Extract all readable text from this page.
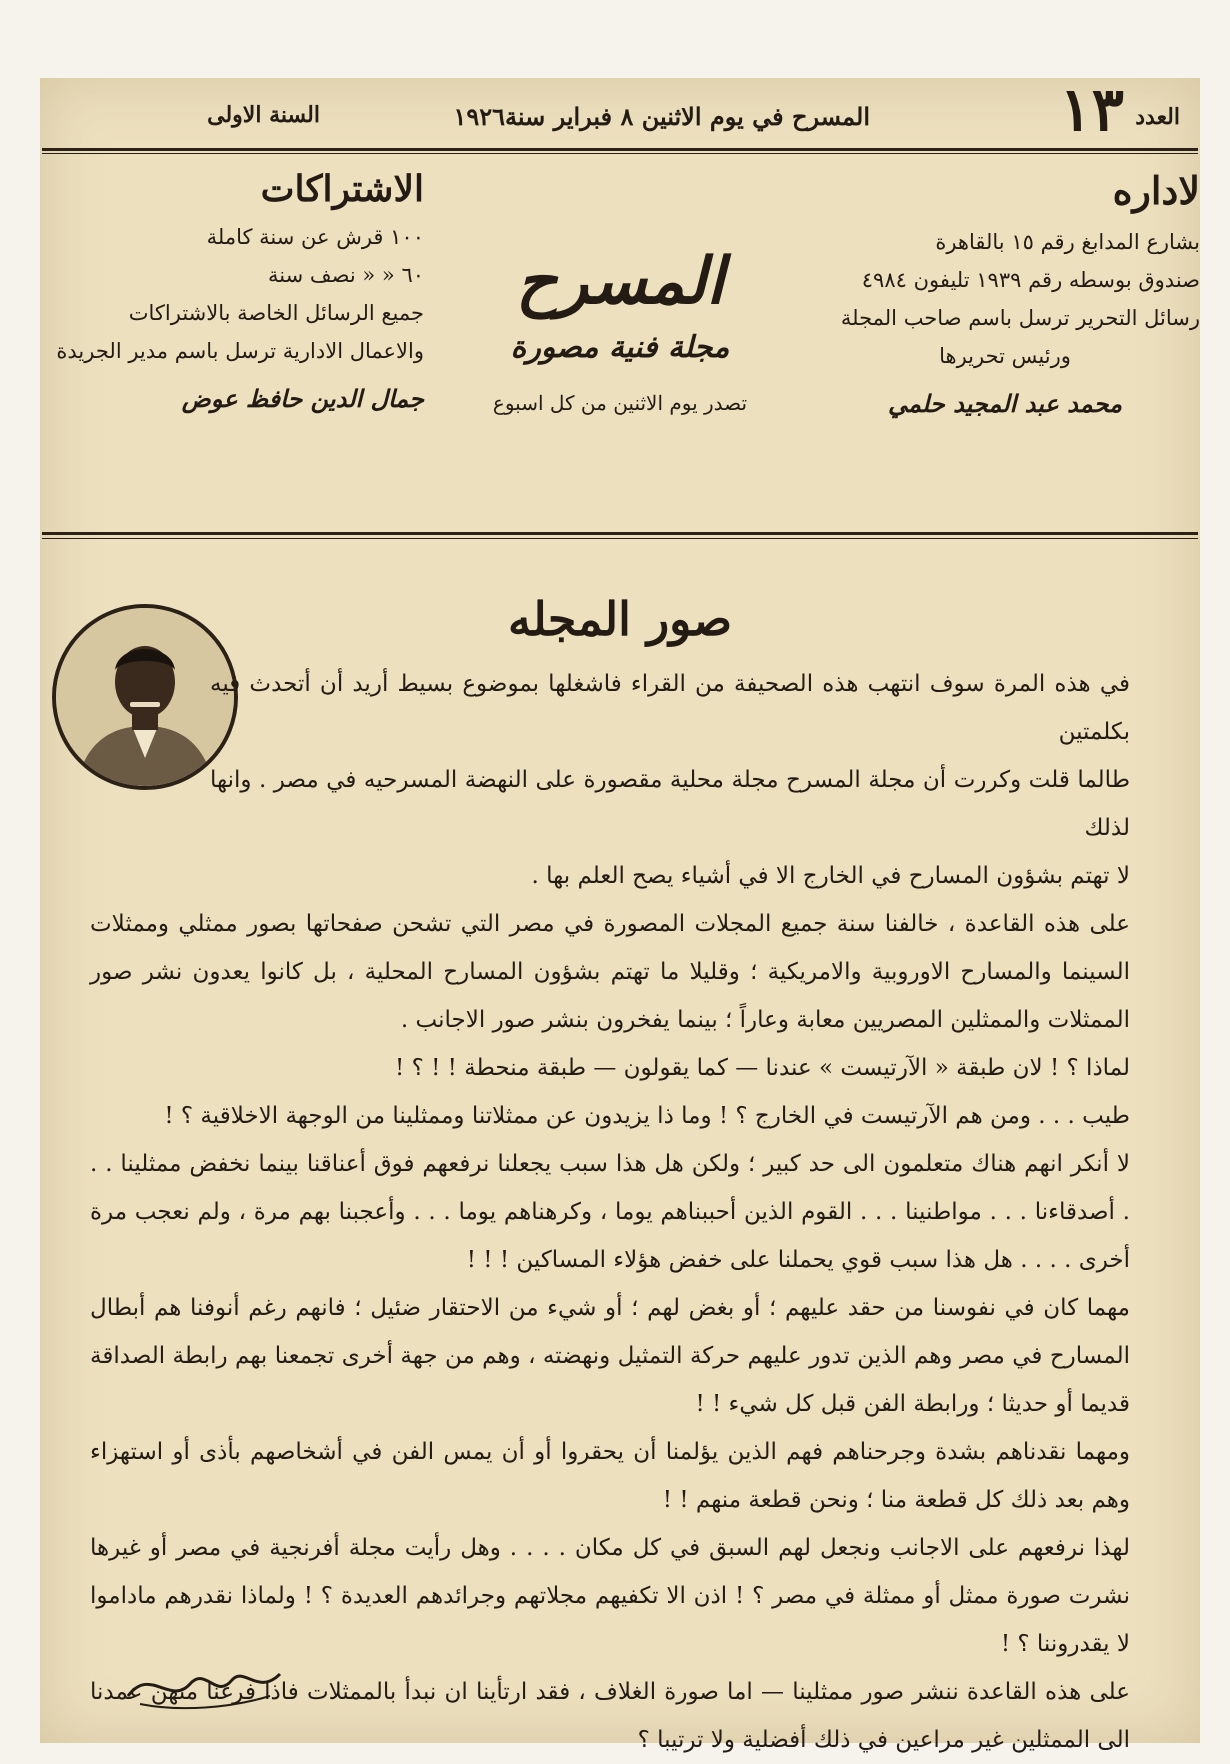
العدد
١٣
المسرح في يوم الاثنين ٨ فبراير سنة١٩٢٦
السنة الاولى
لاداره
بشارع المدابغ رقم ١٥ بالقاهرة
صندوق بوسطه رقم ١٩٣٩ تليفون ٤٩٨٤
رسائل التحرير ترسل باسم صاحب المجلة
ورئيس تحريرها
محمد عبد المجيد حلمي
المسرح
مجلة فنية مصورة
تصدر يوم الاثنين من كل اسبوع
الاشتراكات
١٠٠ قرش عن سنة كاملة
٦٠ « « نصف سنة
جميع الرسائل الخاصة بالاشتراكات
والاعمال الادارية ترسل باسم مدير الجريدة
جمال الدين حافظ عوض
صور المجله

في هذه المرة سوف انتهب هذه الصحيفة من القراء فاشغلها بموضوع بسيط أريد أن أتحدث فيه بكلمتين

طالما قلت وكررت أن مجلة المسرح مجلة محلية مقصورة على النهضة المسرحيه في مصر . وانها لذلك

لا تهتم بشؤون المسارح في الخارج الا في أشياء يصح العلم بها .

على هذه القاعدة ، خالفنا سنة جميع المجلات المصورة في مصر التي تشحن صفحاتها بصور ممثلي وممثلات السينما والمسارح الاوروبية والامريكية ؛ وقليلا ما تهتم بشؤون المسارح المحلية ، بل كانوا يعدون نشر صور الممثلات والممثلين المصريين معابة وعاراً ؛ بينما يفخرون بنشر صور الاجانب .

لماذا ؟ ! لان طبقة « الآرتيست » عندنا — كما يقولون — طبقة منحطة ! ! ؟ !

طيب . . . ومن هم الآرتيست في الخارج ؟ ! وما ذا يزيدون عن ممثلاتنا وممثلينا من الوجهة الاخلاقية ؟ !

لا أنكر انهم هناك متعلمون الى حد كبير ؛ ولكن هل هذا سبب يجعلنا نرفعهم فوق أعناقنا بينما نخفض ممثلينا . . . أصدقاءنا . . . مواطنينا . . . القوم الذين أحببناهم يوما ، وكرهناهم يوما . . . وأعجبنا بهم مرة ، ولم نعجب مرة أخرى . . . . هل هذا سبب قوي يحملنا على خفض هؤلاء المساكين ! ! !

مهما كان في نفوسنا من حقد عليهم ؛ أو بغض لهم ؛ أو شيء من الاحتقار ضئيل ؛ فانهم رغم أنوفنا هم أبطال المسارح في مصر وهم الذين تدور عليهم حركة التمثيل ونهضته ، وهم من جهة أخرى تجمعنا بهم رابطة الصداقة قديما أو حديثا ؛ ورابطة الفن قبل كل شيء ! !

ومهما نقدناهم بشدة وجرحناهم فهم الذين يؤلمنا أن يحقروا أو أن يمس الفن في أشخاصهم بأذى أو استهزاء وهم بعد ذلك كل قطعة منا ؛ ونحن قطعة منهم ! !

لهذا نرفعهم على الاجانب ونجعل لهم السبق في كل مكان . . . . وهل رأيت مجلة أفرنجية في مصر أو غيرها نشرت صورة ممثل أو ممثلة في مصر ؟ ! اذن الا تكفيهم مجلاتهم وجرائدهم العديدة ؟ ! ولماذا نقدرهم ماداموا لا يقدروننا ؟ !

على هذه القاعدة ننشر صور ممثلينا — اما صورة الغلاف ، فقد ارتأينا ان نبدأ بالممثلات فاذا فرغنا منهن عمدنا الى الممثلين غير مراعين في ذلك أفضلية ولا ترتيبا ؟
